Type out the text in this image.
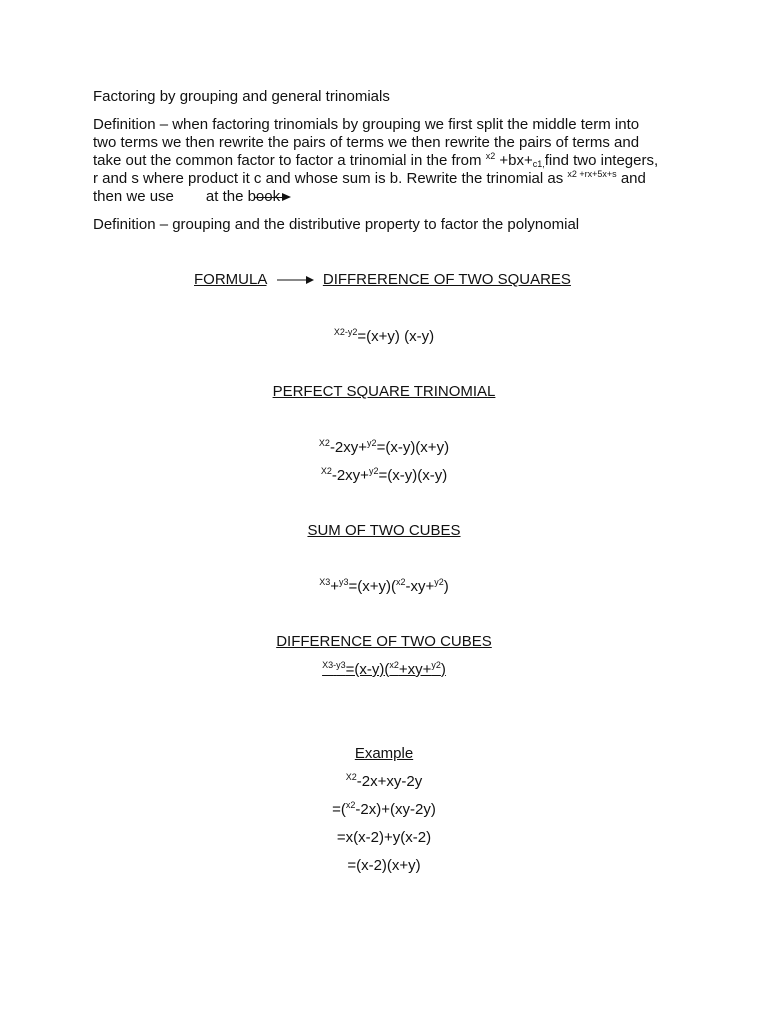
Factoring by grouping and general trinomials
Definition – when factoring trinomials by grouping we first split the middle term into
two terms we then rewrite the pairs of terms we then rewrite the pairs of terms and
take out the common factor to factor a trinomial in the from $^{x2} +bx+_{c1,}find$ two integers,
r and s where product it c and whose sum is b. Rewrite the trinomial as $^{x2 +rx+5x+s}$ and
then we use at the book
Definition – grouping and the distributive property to factor the polynomial
FORMULA	DIFFRERENCE OF TWO SQUARES
$^{X2-y2}$=(x+y) (x-y)
PERFECT SQUARE TRINOMIAL
$^{X2}$-2xy+$^{y2}$=(x-y)(x+y)
$^{X2}$-2xy+$^{y2}$=(x-y)(x-y)
SUM OF TWO CUBES
$^{X3}$+$^{y3}$=(x+y)($^{x2}$-xy+$^{y2}$)
DIFFERENCE OF TWO CUBES
$^{X3-y3}$=(x-y)($^{x2}$+xy+$^{y2}$)
Example
$^{X2}$-2x+xy-2y
=($^{x2}$-2x)+(xy-2y)
=x(x-2)+y(x-2)
=(x-2)(x+y)
